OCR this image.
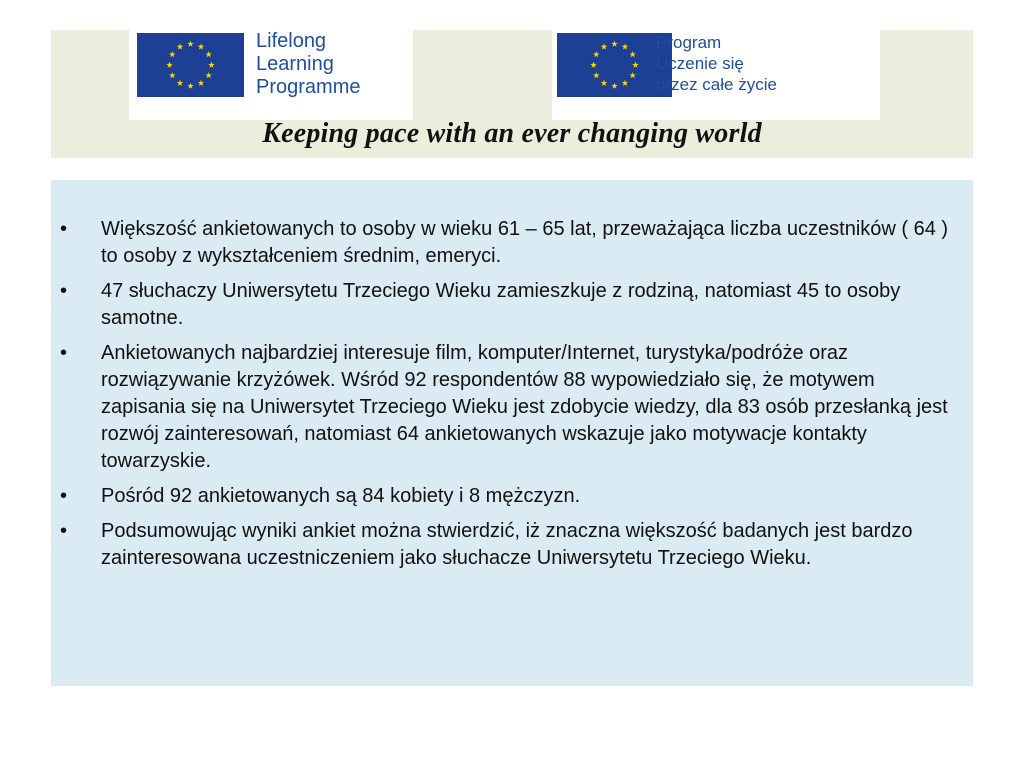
Lifelong
Learning
Programme
Program
Uczenie się
przez całe życie
Keeping pace with an ever changing world
• Większość ankietowanych to osoby w wieku 61 – 65 lat, przeważająca liczba uczestników ( 64 ) to osoby z wykształceniem średnim, emeryci.
• 47 słuchaczy Uniwersytetu Trzeciego Wieku zamieszkuje z rodziną, natomiast 45 to osoby samotne.
• Ankietowanych najbardziej interesuje film, komputer/Internet, turystyka/podróże oraz rozwiązywanie krzyżówek. Wśród 92 respondentów 88 wypowiedziało się, że motywem zapisania się na Uniwersytet Trzeciego Wieku jest zdobycie wiedzy, dla 83 osób przesłanką jest rozwój zainteresowań, natomiast 64 ankietowanych wskazuje jako motywacje kontakty towarzyskie.
• Pośród 92 ankietowanych są 84 kobiety i 8 mężczyzn.
• Podsumowując wyniki ankiet można stwierdzić, iż znaczna większość badanych jest bardzo zainteresowana uczestniczeniem jako słuchacze Uniwersytetu Trzeciego Wieku.
